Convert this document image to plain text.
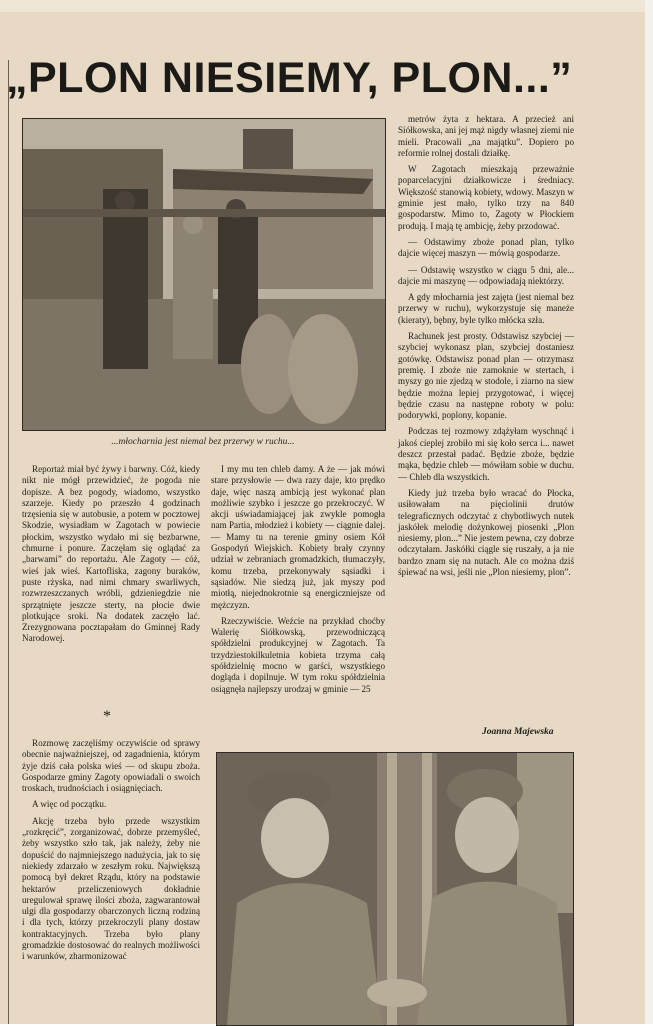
„PLON NIESIEMY, PLON...”
...młocharnia jest niemal bez przerwy w ruchu...

Reportaż miał być żywy i barwny. Cóż, kiedy nikt nie mógł przewidzieć, że pogoda nie dopisze. A bez pogody, wiadomo, wszystko szarzeje. Kiedy po przeszło 4 godzinach trzęsienia się w autobusie, a potem w pocztowej Skodzie, wysiadłam w Zagotach w powiecie płockim, wszystko wydało mi się bezbarwne, chmurne i ponure. Zaczęłam się oglądać za „barwami” do reportażu. Ale Zagoty — cóż, wieś jak wieś. Kartofliska, zagony buraków, puste rżyska, nad nimi chmary swarliwych, rozwrzeszczanych wróbli, gdzieniegdzie nie sprzątnięte jeszcze sterty, na płocie dwie plotkujące sroki. Na dodatek zaczęło lać. Zrezygnowana pocztapałam do Gminnej Rady Narodowej.

*

Rozmowę zaczęliśmy oczywiście od sprawy obecnie najważniejszej, od zagadnienia, którym żyje dziś cała polska wieś — od skupu zboża. Gospodarze gminy Zagoty opowiadali o swoich troskach, trudnościach i osiągnięciach.

A więc od początku.

Akcję trzeba było przede wszystkim „rozkręcić”, zorganizować, dobrze przemyśleć, żeby wszystko szło tak, jak należy, żeby nie dopuścić do najmniejszego nadużycia, jak to się niekiedy zdarzało w zeszłym roku. Największą pomocą był dekret Rządu, który na podstawie hektarów przeliczeniowych dokładnie uregulował sprawę ilości zboża, zagwarantował ulgi dla gospodarzy obarczonych liczną rodziną i dla tych, którzy przekroczyli plany dostaw kontraktacyjnych. Trzeba było plany gromadzkie dostosować do realnych możliwości i warunków, zharmonizować

I my mu ten chleb damy. A że — jak mówi stare przysłowie — dwa razy daje, kto prędko daje, więc naszą ambicją jest wykonać plan możliwie szybko i jeszcze go przekroczyć. W akcji uświadamiającej jak zwykle pomogła nam Partia, młodzież i kobiety — ciągnie dalej. — Mamy tu na terenie gminy osiem Kół Gospodyń Wiejskich. Kobiety brały czynny udział w zebraniach gromadzkich, tłumaczyły, komu trzeba, przekonywały sąsiadki i sąsiadów. Nie siedzą już, jak myszy pod miotłą, niejednokrotnie są energiczniejsze od mężczyzn.

Rzeczywiście. Weźcie na przykład choćby Walerię Siółkowską, przewodniczącą spółdzielni produkcyjnej w Zagotach. Ta trzydziestokilkuletnia kobieta trzyma całą spółdzielnię mocno w garści, wszystkiego dogląda i dopilnuje. W tym roku spółdzielnia osiągnęła najlepszy urodzaj w gminie — 25

metrów żyta z hektara. A przecież ani Siółkowska, ani jej mąż nigdy własnej ziemi nie mieli. Pracowali „na majątku”. Dopiero po reformie rolnej dostali działkę.

W Zagotach mieszkają przeważnie poparcelacyjni działkowicze i średniacy. Większość stanowią kobiety, wdowy. Maszyn w gminie jest mało, tylko trzy na 840 gospodarstw. Mimo to, Zagoty w Płockiem produją. I mają tę ambicję, żeby przodować.

— Odstawimy zboże ponad plan, tylko dajcie więcej maszyn — mówią gospodarze.

— Odstawię wszystko w ciągu 5 dni, ale... dajcie mi maszynę — odpowiadają niektórzy.

A gdy młocharnia jest zajęta (jest niemal bez przerwy w ruchu), wykorzystuje się maneże (kieraty), bębny, byle tylko młócka szła.

Rachunek jest prosty. Odstawisz szybciej — szybciej wykonasz plan, szybciej dostaniesz gotówkę. Odstawisz ponad plan — otrzymasz premię. I zboże nie zamoknie w stertach, i myszy go nie zjedzą w stodole, i ziarno na siew będzie można lepiej przygotować, i więcej będzie czasu na następne roboty w polu: podorywki, poplony, kopanie.

Podczas tej rozmowy zdążyłam wyschnąć i jakoś cieplej zrobiło mi się koło serca i... nawet deszcz przestał padać. Będzie zboże, będzie mąka, będzie chleb — mówiłam sobie w duchu. — Chleb dla wszystkich.

Kiedy już trzeba było wracać do Płocka, usiłowałam na pięciolinii drutów telegraficznych odczytać z chybotliwych nutek jaskółek melodię dożynkowej piosenki „Plon niesiemy, plon...” Nie jestem pewna, czy dobrze odczytałam. Jaskółki ciągle się ruszały, a ja nie bardzo znam się na nutach. Ale co można dziś śpiewać na wsi, jeśli nie „Plon niesiemy, plon”.

Joanna Majewska
